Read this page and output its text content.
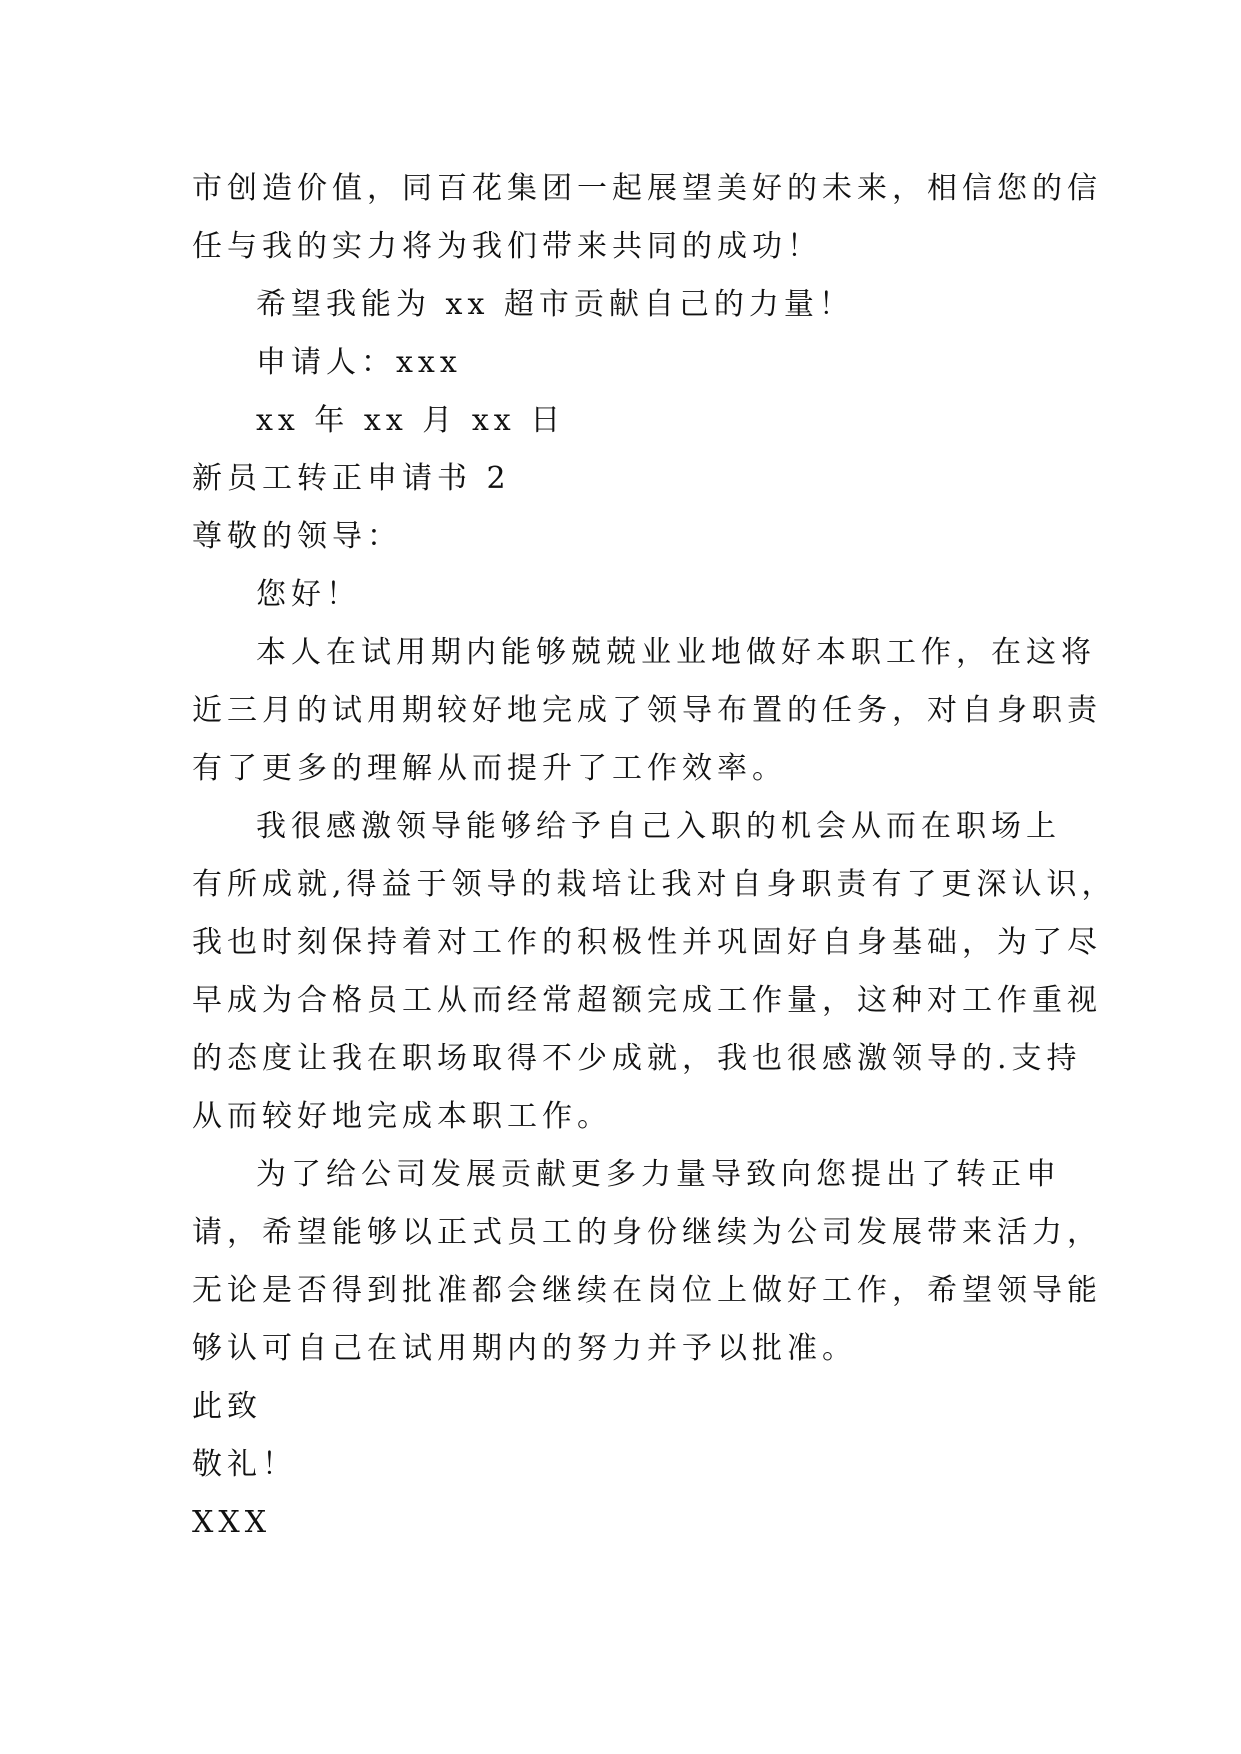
市创造价值，同百花集团一起展望美好的未来，相信您的信
任与我的实力将为我们带来共同的成功！
希望我能为 xx 超市贡献自己的力量！
申请人：xxx
xx 年 xx 月 xx 日
新员工转正申请书 2
尊敬的领导：
您好！
本人在试用期内能够兢兢业业地做好本职工作，在这将
近三月的试用期较好地完成了领导布置的任务，对自身职责
有了更多的理解从而提升了工作效率。
我很感激领导能够给予自己入职的机会从而在职场上
有所成就,得益于领导的栽培让我对自身职责有了更深认识，
我也时刻保持着对工作的积极性并巩固好自身基础，为了尽
早成为合格员工从而经常超额完成工作量，这种对工作重视
的态度让我在职场取得不少成就，我也很感激领导的.支持
从而较好地完成本职工作。
为了给公司发展贡献更多力量导致向您提出了转正申
请，希望能够以正式员工的身份继续为公司发展带来活力，
无论是否得到批准都会继续在岗位上做好工作，希望领导能
够认可自己在试用期内的努力并予以批准。
此致
敬礼！
XXX
